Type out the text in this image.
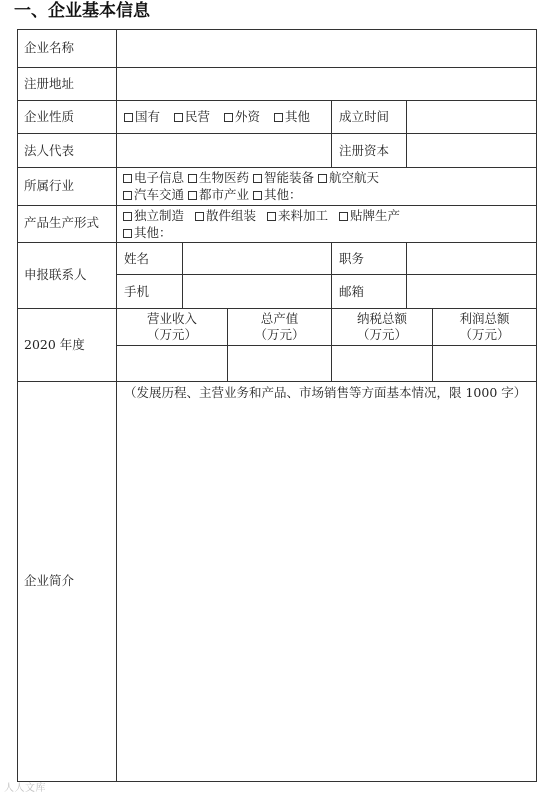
一、企业基本信息
企业名称
注册地址
企业性质
法人代表
所属行业
产品生产形式
申报联系人
2020 年度
企业简介
国有 民营 外资 其他 成立时间
注册资本
电子信息 生物医药 智能装备 航空航天
汽车交通 都市产业 其他：
独立制造 散件组装 来料加工 贴牌生产
其他：
姓名
手机
职务
邮箱
营业收入
（万元）
总产值
（万元）
纳税总额
（万元）
利润总额
（万元）
（发展历程、主营业务和产品、市场销售等方面基本情况，限 1000 字）
人人文库
